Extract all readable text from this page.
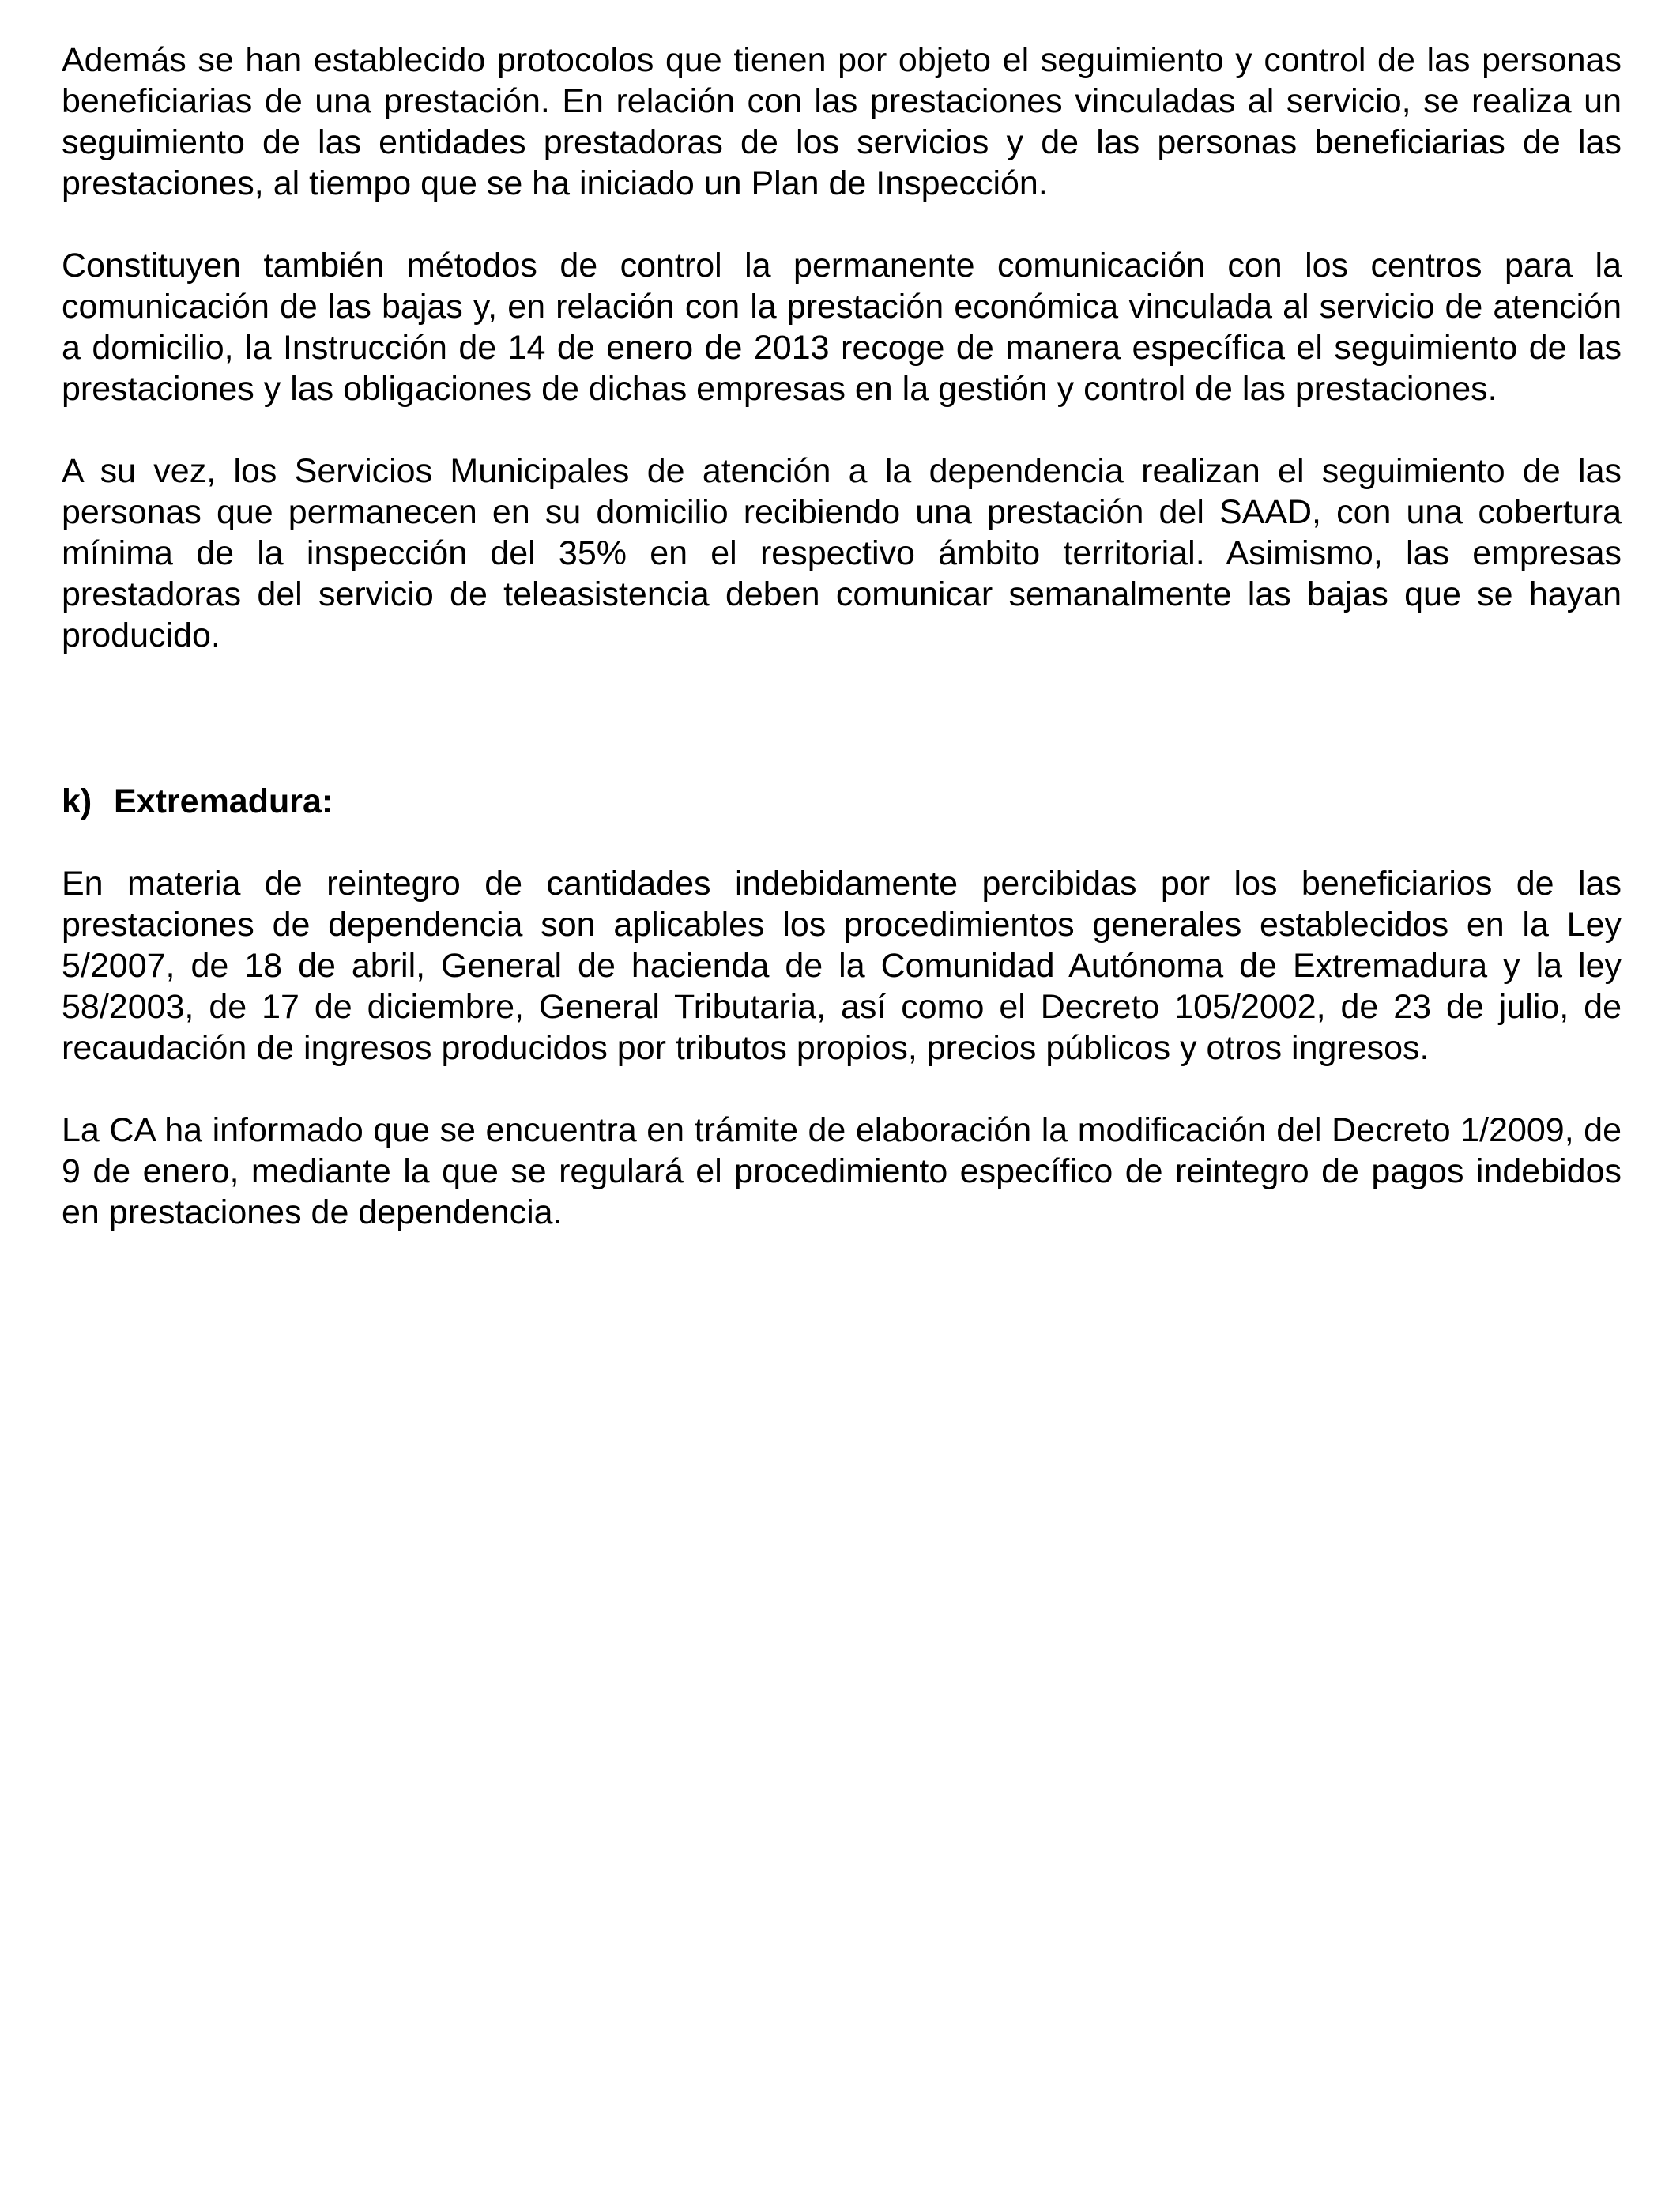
Además se han establecido protocolos que tienen por objeto el seguimiento y control de las personas beneficiarias de una prestación. En relación con las prestaciones vinculadas al servicio, se realiza un seguimiento de las entidades prestadoras de los servicios y de las personas beneficiarias de las prestaciones, al tiempo que se ha iniciado un Plan de Inspección.

Constituyen también métodos de control la permanente comunicación con los centros para la comunicación de las bajas y, en relación con la prestación económica vinculada al servicio de atención a domicilio, la Instrucción de 14 de enero de 2013 recoge de manera específica el seguimiento de las prestaciones y las obligaciones de dichas empresas en la gestión y control de las prestaciones.

A su vez, los Servicios Municipales de atención a la dependencia realizan el seguimiento de las personas que permanecen en su domicilio recibiendo una prestación del SAAD, con una cobertura mínima de la inspección del 35% en el respectivo ámbito territorial. Asimismo, las empresas prestadoras del servicio de teleasistencia deben comunicar semanalmente las bajas que se hayan producido.

k) Extremadura:

En materia de reintegro de cantidades indebidamente percibidas por los beneficiarios de las prestaciones de dependencia son aplicables los procedimientos generales establecidos en la Ley 5/2007, de 18 de abril, General de hacienda de la Comunidad Autónoma de Extremadura y la ley 58/2003, de 17 de diciembre, General Tributaria, así como el Decreto 105/2002, de 23 de julio, de recaudación de ingresos producidos por tributos propios, precios públicos y otros ingresos.

La CA ha informado que se encuentra en trámite de elaboración la modificación del Decreto 1/2009, de 9 de enero, mediante la que se regulará el procedimiento específico de reintegro de pagos indebidos en prestaciones de dependencia.
